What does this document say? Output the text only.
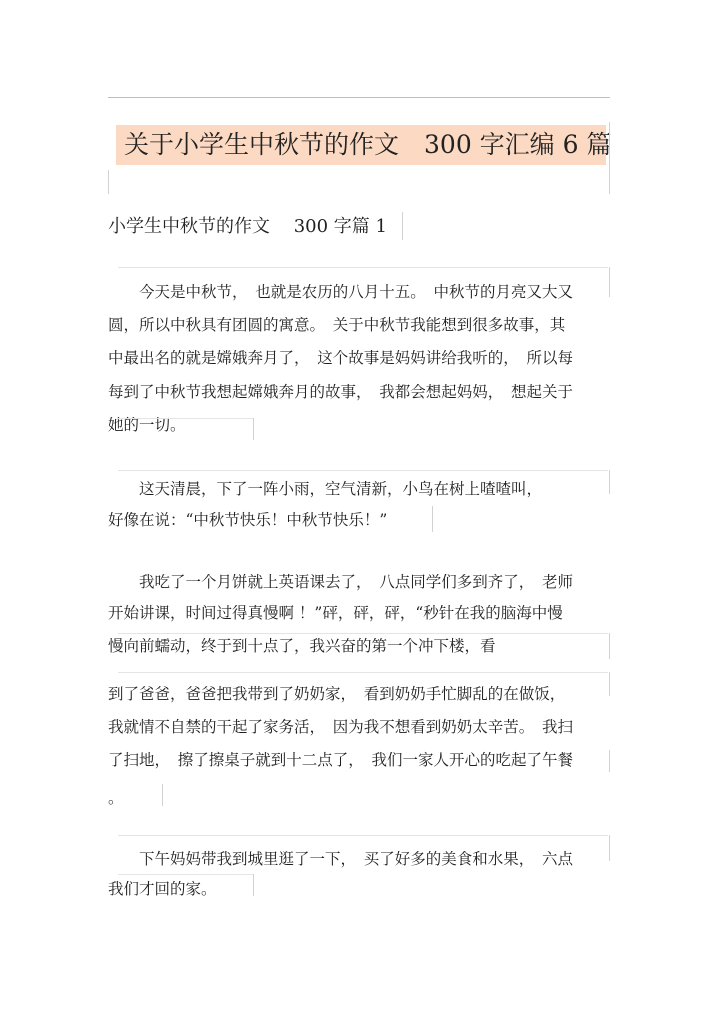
关于小学生中秋节的作文　300 字汇编 6 篇
小学生中秋节的作文　 300 字篇 1
　　今天是中秋节，　也就是农历的八月十五。　中秋节的月亮又大又
圆，所以中秋具有团圆的寓意。　关于中秋节我能想到很多故事，其
中最出名的就是嫦娥奔月了，　这个故事是妈妈讲给我听的，　所以每
每到了中秋节我想起嫦娥奔月的故事，　我都会想起妈妈，　想起关于
她的一切。
　　这天清晨，下了一阵小雨，空气清新，小鸟在树上喳喳叫，
好像在说：“中秋节快乐！中秋节快乐！”
　　我吃了一个月饼就上英语课去了，　八点同学们多到齐了，　老师
开始讲课，时间过得真慢啊 ！”砰，砰，砰，“秒针在我的脑海中慢
慢向前蠕动，终于到十点了，我兴奋的第一个冲下楼，看
到了爸爸，爸爸把我带到了奶奶家，　看到奶奶手忙脚乱的在做饭，
我就情不自禁的干起了家务活，　因为我不想看到奶奶太辛苦。　我扫
了扫地，　擦了擦桌子就到十二点了，　我们一家人开心的吃起了午餐
。
　　下午妈妈带我到城里逛了一下，　买了好多的美食和水果，　六点
我们才回的家。
